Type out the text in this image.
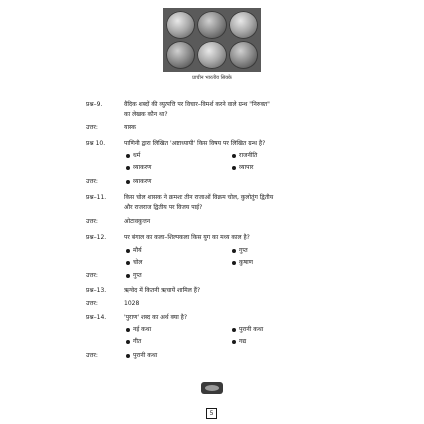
प्राचीन भारतीय सिक्के
प्रश्न–9.	वैदिक शब्दों की व्युत्पत्ति पर विचार–विमर्श करने वाले ग्रन्थ "निरुक्त"
का लेखक कौन था?
उत्तर:	यास्क
प्रश्न 10.	पाणिनी द्वारा लिखित 'अष्टाध्यायी' किस विषय पर लिखित ग्रन्थ है?
धर्म	राजनीति
व्याकरण	व्यापार
उत्तर:	व्याकरण
प्रश्न–11.	किस चोल शासक ने क्रमशः तीन राजाओं विक्रम चोल, कुलोतुंग द्वितीय
और राजराज द्वितीय पर विजय पाई?
उत्तर:	ओटावकुत्तन
प्रश्न–12.	पर बंगाल का कला–शिल्पकला किस युग का मध्य काल है?
मौर्य	गुप्त
चोल	कुषाण
उत्तर:	गुप्त
प्रश्न–13.	ऋग्वेद में कितनी ऋचायें शामिल हैं?
उत्तर:	1028
प्रश्न–14.	'पुराण' शब्द का अर्थ क्या है?
नई कथा	पुरानी कथा
गीत	गद्य
उत्तर:	पुरानी कथा
5
